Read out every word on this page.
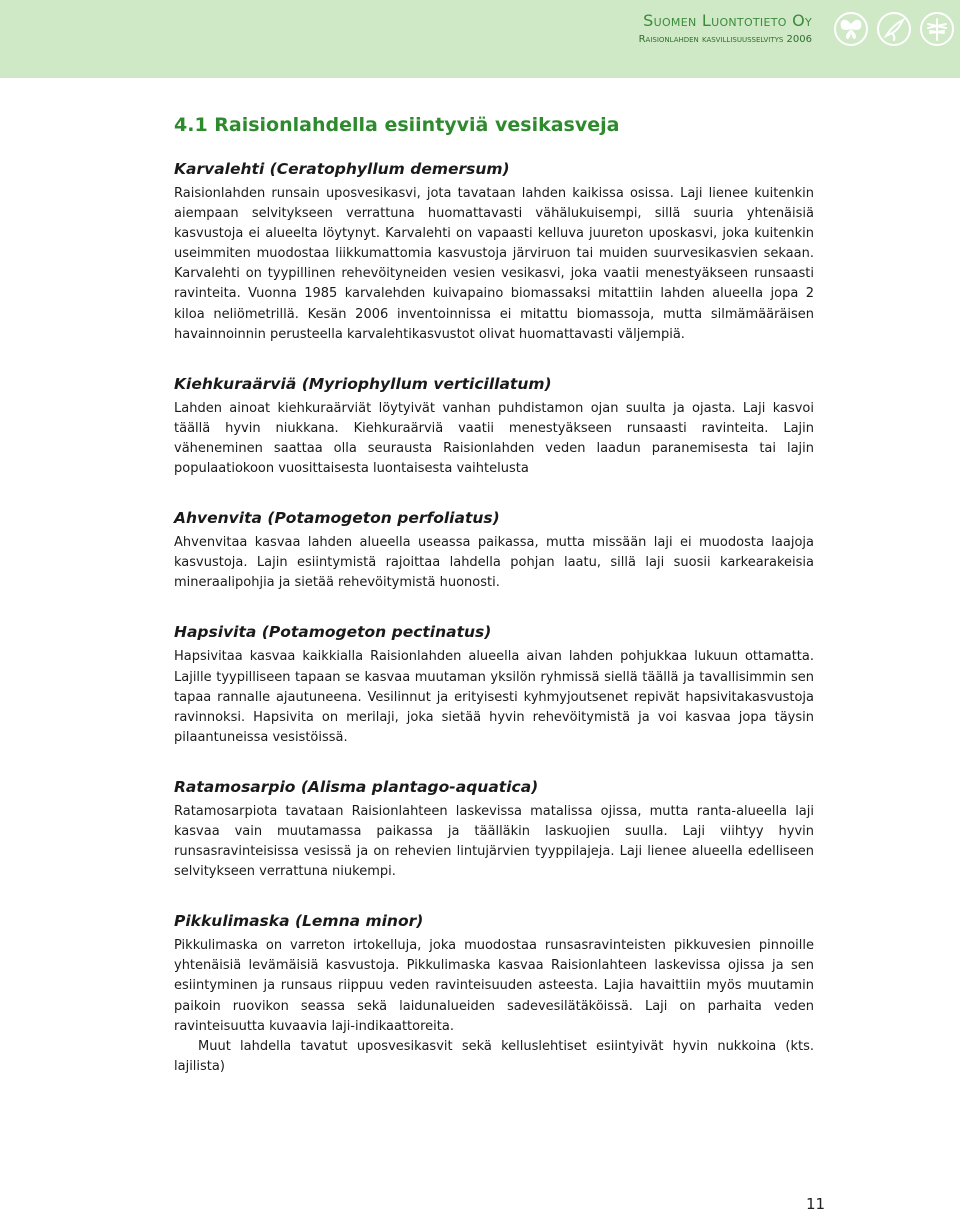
Suomen Luontotieto Oy
Raisionlahden kasvillisuusselvitys 2006
4.1 Raisionlahdella esiintyviä vesikasveja
Karvalehti (Ceratophyllum demersum)

Raisionlahden runsain uposvesikasvi, jota tavataan lahden kaikissa osissa. Laji lienee kuitenkin aiempaan selvitykseen verrattuna huomattavasti vähälukuisempi, sillä suuria yhtenäisiä kasvustoja ei alueelta löytynyt. Karvalehti on vapaasti kelluva juureton uposkasvi, joka kuitenkin useimmiten muodostaa liikkumattomia kasvustoja järviruon tai muiden suurvesikasvien sekaan. Karvalehti on tyypillinen rehevöityneiden vesien vesikasvi, joka vaatii menestyäkseen runsaasti ravinteita. Vuonna 1985 karvalehden kuivapaino biomassaksi mitattiin lahden alueella jopa 2 kiloa neliömetrillä. Kesän 2006 inventoinnissa ei mitattu biomassoja, mutta silmämääräisen havainnoinnin perusteella karvalehtikasvustot olivat huomattavasti väljempiä.

Kiehkuraärviä (Myriophyllum verticillatum)

Lahden ainoat kiehkuraärviät löytyivät vanhan puhdistamon ojan suulta ja ojasta. Laji kasvoi täällä hyvin niukkana. Kiehkuraärviä vaatii menestyäkseen runsaasti ravinteita. Lajin väheneminen saattaa olla seurausta Raisionlahden veden laadun paranemisesta tai lajin populaatiokoon vuosittaisesta luontaisesta vaihtelusta

Ahvenvita (Potamogeton perfoliatus)

Ahvenvitaa kasvaa lahden alueella useassa paikassa, mutta missään laji ei muodosta laajoja kasvustoja. Lajin esiintymistä rajoittaa lahdella pohjan laatu, sillä laji suosii karkearakeisia mineraalipohjia ja sietää rehevöitymistä huonosti.

Hapsivita (Potamogeton pectinatus)

Hapsivitaa kasvaa kaikkialla Raisionlahden alueella aivan lahden pohjukkaa lukuun ottamatta. Lajille tyypilliseen tapaan se kasvaa muutaman yksilön ryhmissä siellä täällä ja tavallisimmin sen tapaa rannalle ajautuneena. Vesilinnut ja erityisesti kyhmyjoutsenet repivät hapsivitakasvustoja ravinnoksi. Hapsivita on merilaji, joka sietää hyvin rehevöitymistä ja voi kasvaa jopa täysin pilaantuneissa vesistöissä.

Ratamosarpio (Alisma plantago-aquatica)

Ratamosarpiota tavataan Raisionlahteen laskevissa matalissa ojissa, mutta ranta-alueella laji kasvaa vain muutamassa paikassa ja täälläkin laskuojien suulla. Laji viihtyy hyvin runsasravinteisissa vesissä ja on rehevien lintujärvien tyyppilajeja. Laji lienee alueella edelliseen selvitykseen verrattuna niukempi.

Pikkulimaska (Lemna minor)

Pikkulimaska on varreton irtokelluja, joka muodostaa runsasravinteisten pikkuvesien pinnoille yhtenäisiä levämäisiä kasvustoja. Pikkulimaska kasvaa Raisionlahteen laskevissa ojissa ja sen esiintyminen ja runsaus riippuu veden ravinteisuuden asteesta. Lajia havaittiin myös muutamin paikoin ruovikon seassa sekä laidunalueiden sadevesilätäköissä. Laji on parhaita veden ravinteisuutta kuvaavia laji-indikaattoreita.

Muut lahdella tavatut uposvesikasvit sekä kelluslehtiset esiintyivät hyvin nukkoina (kts. lajilista)

11
